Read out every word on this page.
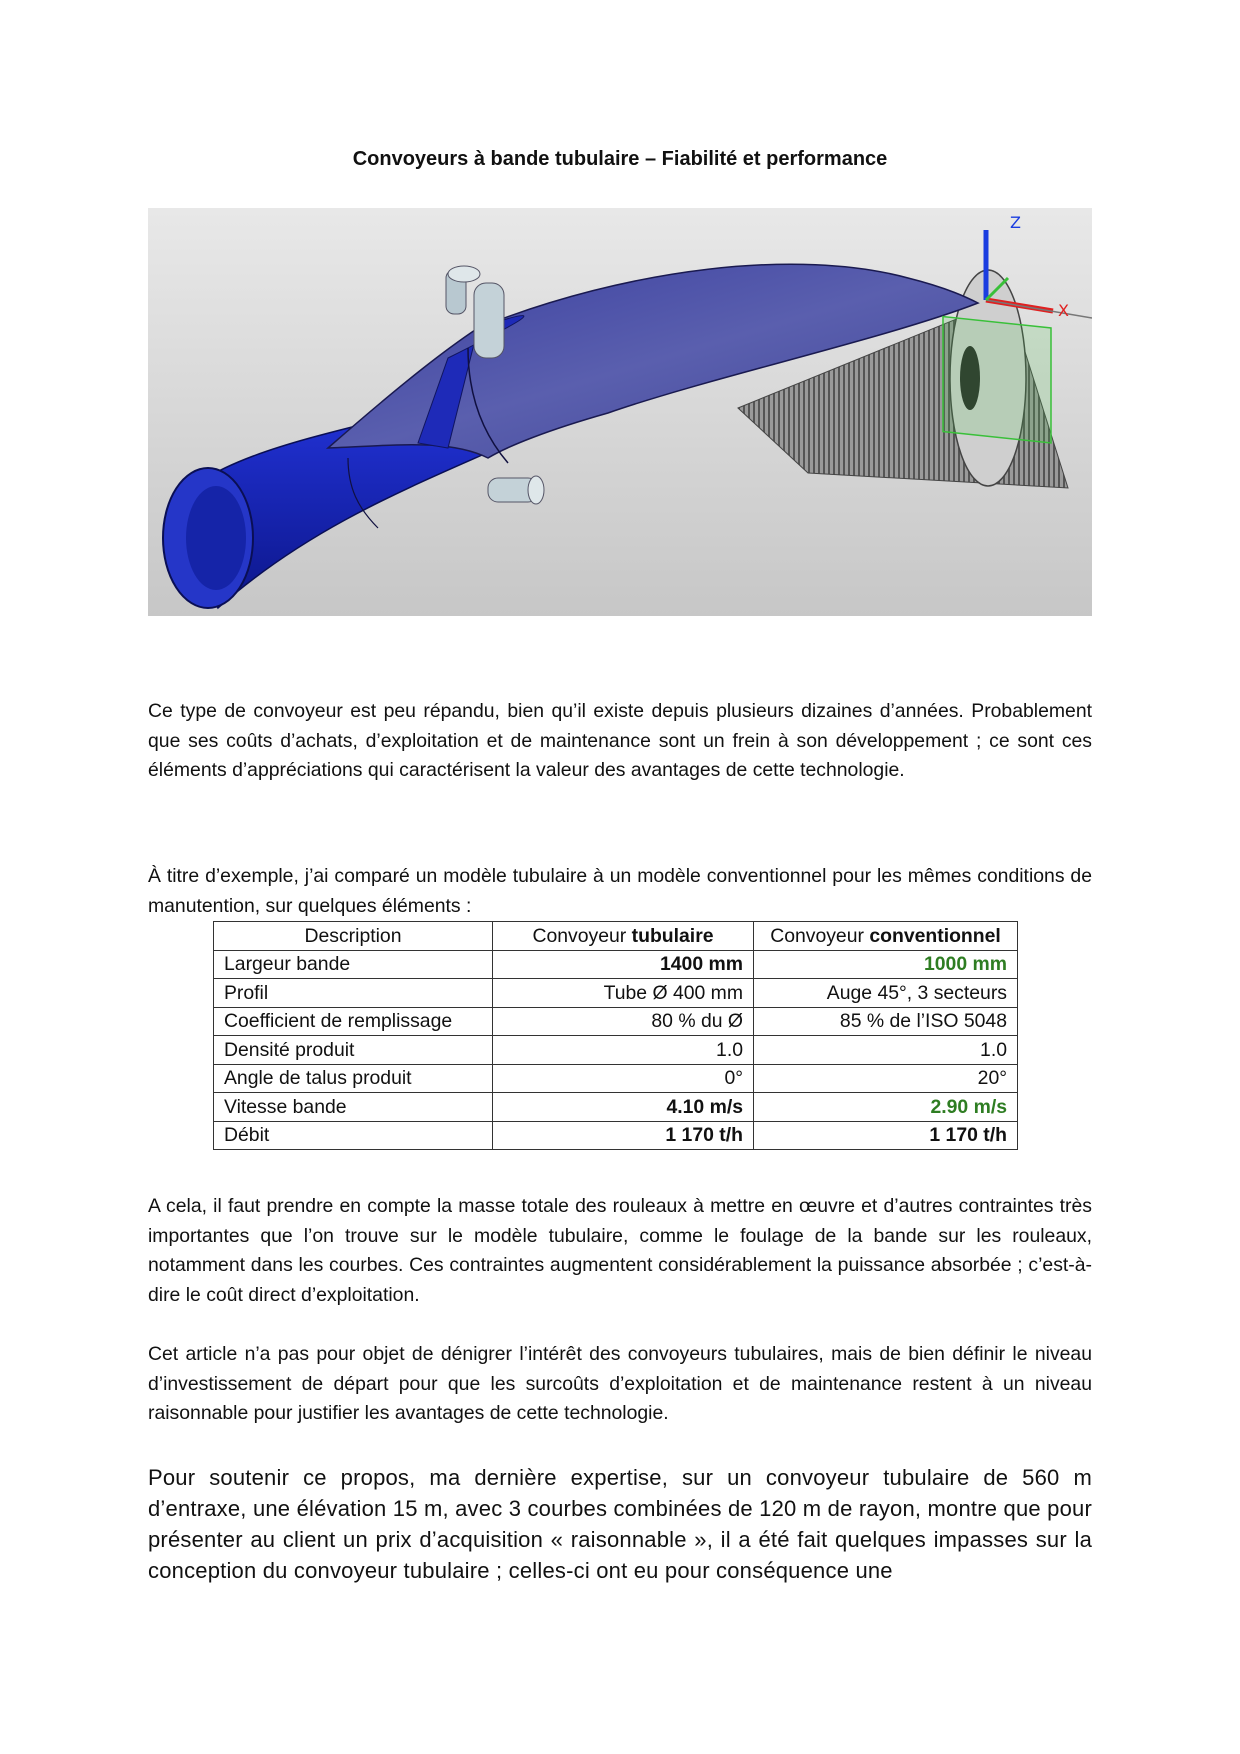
Convoyeurs à bande tubulaire – Fiabilité et performance
Z
X

Ce type de convoyeur est peu répandu, bien qu’il existe depuis plusieurs dizaines d’années. Probablement que ses coûts d’achats, d’exploitation et de maintenance sont un frein à son développement ; ce sont ces éléments d’appréciations qui caractérisent la valeur des avantages de cette technologie.

À titre d’exemple, j’ai comparé un modèle tubulaire à un modèle conventionnel pour les mêmes conditions de manutention, sur quelques éléments :

Description	Convoyeur tubulaire	Convoyeur conventionnel
Largeur bande	1400 mm	1000 mm
Profil	Tube Ø 400 mm	Auge 45°, 3 secteurs
Coefficient de remplissage	80 % du Ø	85 % de l’ISO 5048
Densité produit	1.0	1.0
Angle de talus produit	0°	20°
Vitesse bande	4.10 m/s	2.90 m/s
Débit	1 170 t/h	1 170 t/h

A cela, il faut prendre en compte la masse totale des rouleaux à mettre en œuvre et d’autres contraintes très importantes que l’on trouve sur le modèle tubulaire, comme le foulage de la bande sur les rouleaux, notamment dans les courbes. Ces contraintes augmentent considérablement la puissance absorbée ; c’est-à-dire le coût direct d’exploitation.

Cet article n’a pas pour objet de dénigrer l’intérêt des convoyeurs tubulaires, mais de bien définir le niveau d’investissement de départ pour que les surcoûts d’exploitation et de maintenance restent à un niveau raisonnable pour justifier les avantages de cette technologie.

Pour soutenir ce propos, ma dernière expertise, sur un convoyeur tubulaire de 560 m d’entraxe, une élévation 15 m, avec 3 courbes combinées de 120 m de rayon, montre que pour présenter au client un prix d’acquisition « raisonnable », il a été fait quelques impasses sur la conception du convoyeur tubulaire ; celles-ci ont eu pour conséquence une
